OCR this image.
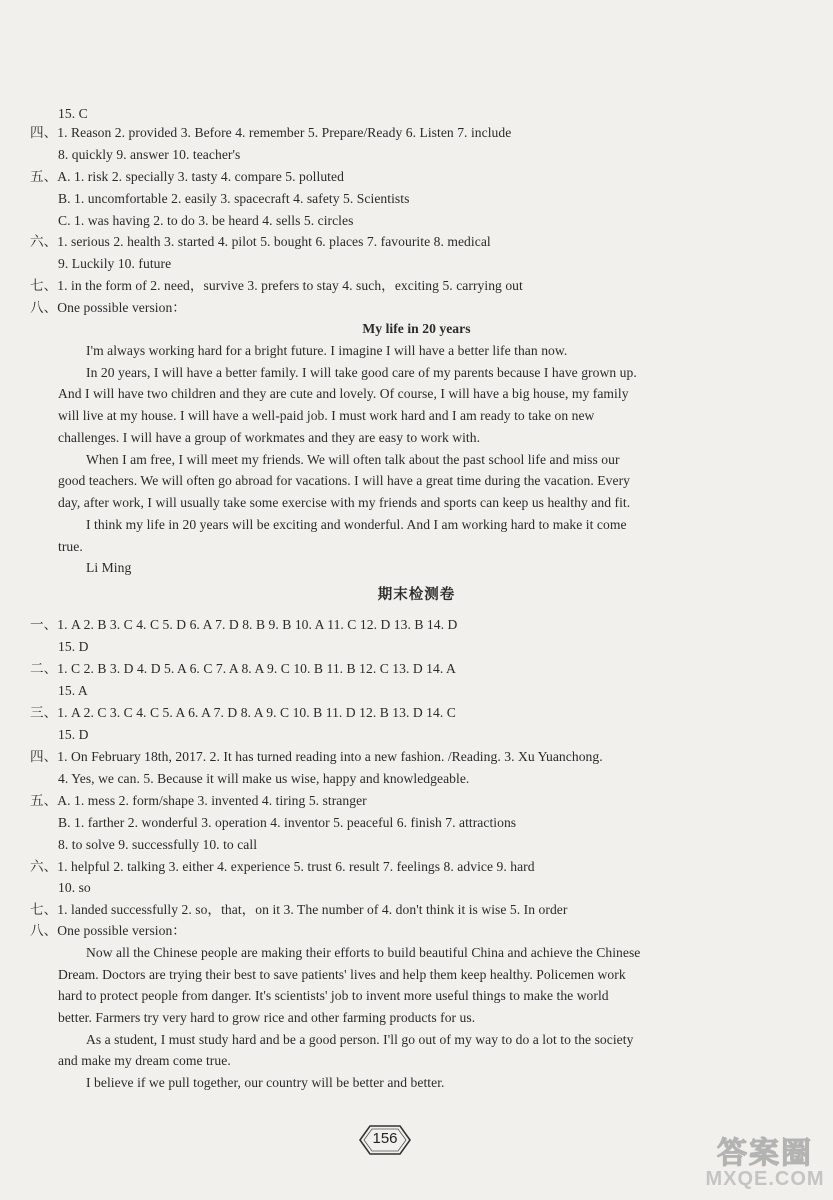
15. C
四、1. Reason 2. provided 3. Before 4. remember 5. Prepare/Ready 6. Listen 7. include
8. quickly 9. answer 10. teacher's
五、A. 1. risk 2. specially 3. tasty 4. compare 5. polluted
B. 1. uncomfortable 2. easily 3. spacecraft 4. safety 5. Scientists
C. 1. was having 2. to do 3. be heard 4. sells 5. circles
六、1. serious 2. health 3. started 4. pilot 5. bought 6. places 7. favourite 8. medical
9. Luckily 10. future
七、1. in the form of 2. need，survive 3. prefers to stay 4. such，exciting 5. carrying out
八、One possible version：
My life in 20 years
I'm always working hard for a bright future. I imagine I will have a better life than now.
In 20 years, I will have a better family. I will take good care of my parents because I have grown up.
And I will have two children and they are cute and lovely. Of course, I will have a big house, my family
will live at my house. I will have a well-paid job. I must work hard and I am ready to take on new
challenges. I will have a group of workmates and they are easy to work with.
When I am free, I will meet my friends. We will often talk about the past school life and miss our
good teachers. We will often go abroad for vacations. I will have a great time during the vacation. Every
day, after work, I will usually take some exercise with my friends and sports can keep us healthy and fit.
I think my life in 20 years will be exciting and wonderful. And I am working hard to make it come
true.
Li Ming
期末检测卷
一、1. A 2. B 3. C 4. C 5. D 6. A 7. D 8. B 9. B 10. A 11. C 12. D 13. B 14. D
15. D
二、1. C 2. B 3. D 4. D 5. A 6. C 7. A 8. A 9. C 10. B 11. B 12. C 13. D 14. A
15. A
三、1. A 2. C 3. C 4. C 5. A 6. A 7. D 8. A 9. C 10. B 11. D 12. B 13. D 14. C
15. D
四、1. On February 18th, 2017. 2. It has turned reading into a new fashion. /Reading. 3. Xu Yuanchong.
4. Yes, we can. 5. Because it will make us wise, happy and knowledgeable.
五、A. 1. mess 2. form/shape 3. invented 4. tiring 5. stranger
B. 1. farther 2. wonderful 3. operation 4. inventor 5. peaceful 6. finish 7. attractions
8. to solve 9. successfully 10. to call
六、1. helpful 2. talking 3. either 4. experience 5. trust 6. result 7. feelings 8. advice 9. hard
10. so
七、1. landed successfully 2. so，that，on it 3. The number of 4. don't think it is wise 5. In order
八、One possible version：
Now all the Chinese people are making their efforts to build beautiful China and achieve the Chinese
Dream. Doctors are trying their best to save patients' lives and help them keep healthy. Policemen work
hard to protect people from danger. It's scientists' job to invent more useful things to make the world
better. Farmers try very hard to grow rice and other farming products for us.
As a student, I must study hard and be a good person. I'll go out of my way to do a lot to the society
and make my dream come true.
I believe if we pull together, our country will be better and better.
156	答案圈
MXQE.COM
